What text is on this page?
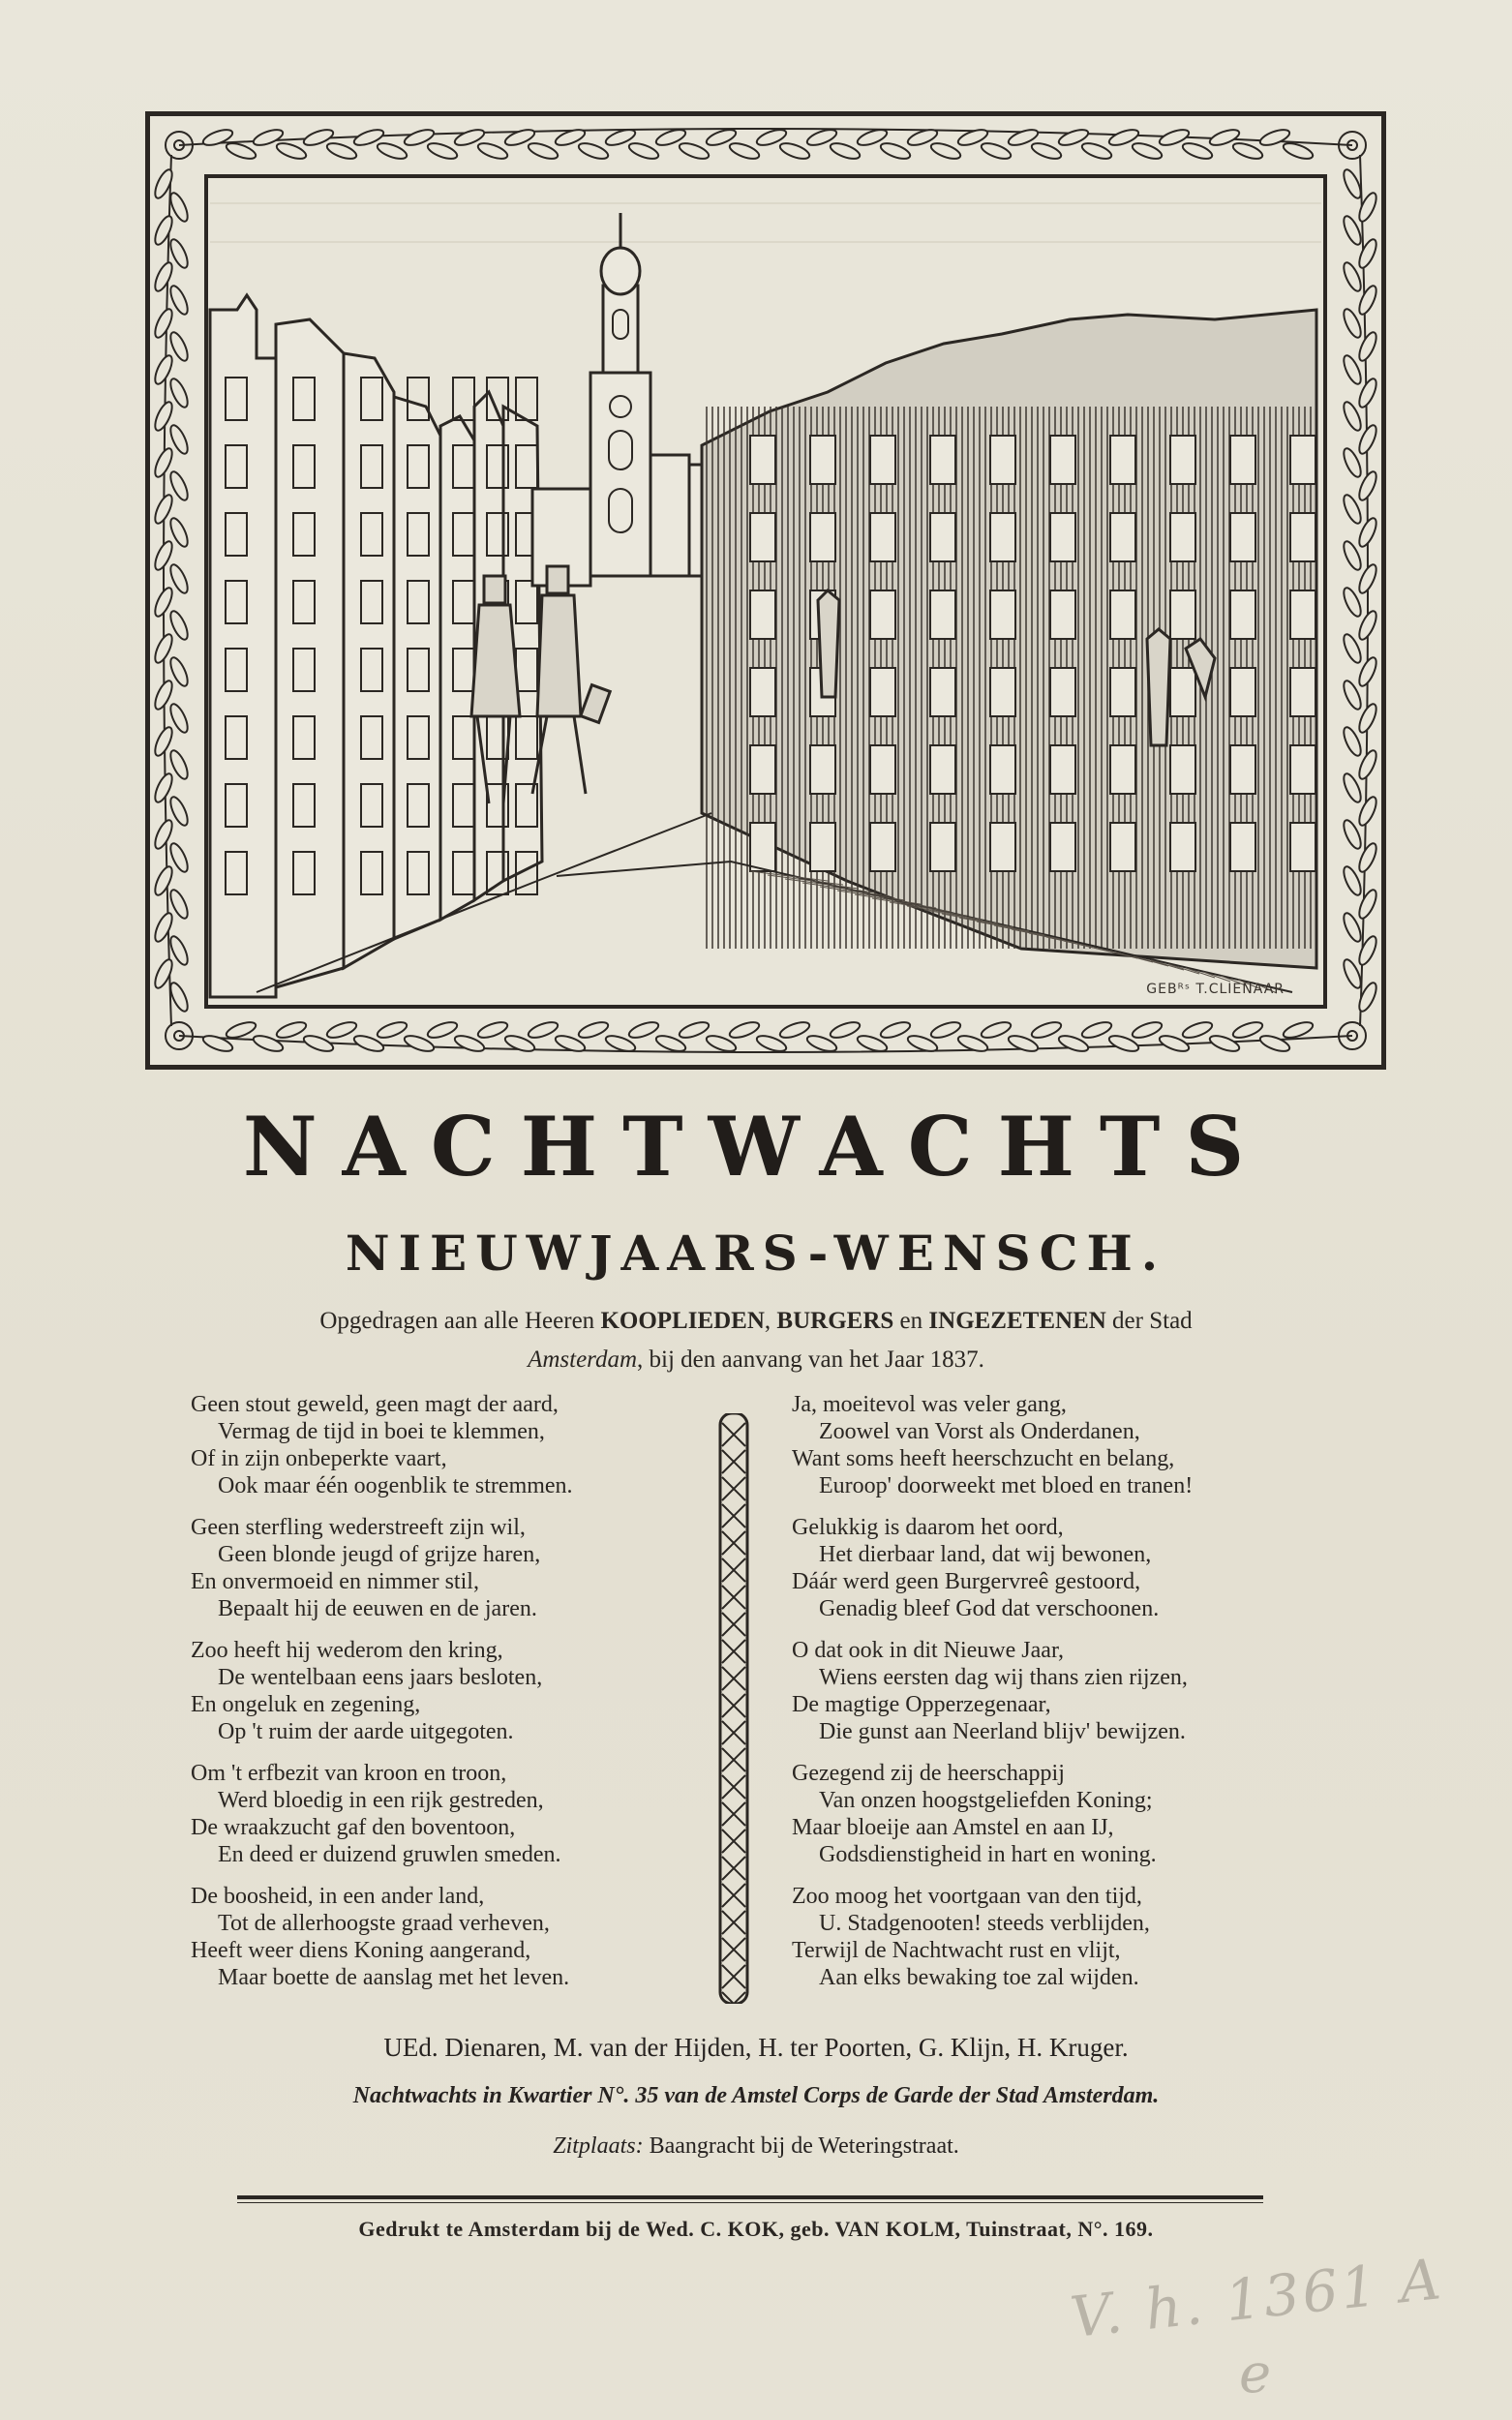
GEBᴿˢ T.CLIENAAR
NACHTWACHTS
NIEUWJAARS-WENSCH.
Opgedragen aan alle Heeren KOOPLIEDEN, BURGERS en INGEZETENEN der Stad
Amsterdam, bij den aanvang van het Jaar 1837.
Geen stout geweld, geen magt der aard,
Vermag de tijd in boei te klemmen,
Of in zijn onbeperkte vaart,
Ook maar één oogenblik te stremmen.
Geen sterfling wederstreeft zijn wil,
Geen blonde jeugd of grijze haren,
En onvermoeid en nimmer stil,
Bepaalt hij de eeuwen en de jaren.
Zoo heeft hij wederom den kring,
De wentelbaan eens jaars besloten,
En ongeluk en zegening,
Op 't ruim der aarde uitgegoten.
Om 't erfbezit van kroon en troon,
Werd bloedig in een rijk gestreden,
De wraakzucht gaf den boventoon,
En deed er duizend gruwlen smeden.
De boosheid, in een ander land,
Tot de allerhoogste graad verheven,
Heeft weer diens Koning aangerand,
Maar boette de aanslag met het leven.
Ja, moeitevol was veler gang,
Zoowel van Vorst als Onderdanen,
Want soms heeft heerschzucht en belang,
Euroop' doorweekt met bloed en tranen!
Gelukkig is daarom het oord,
Het dierbaar land, dat wij bewonen,
Dáár werd geen Burgervreê gestoord,
Genadig bleef God dat verschoonen.
O dat ook in dit Nieuwe Jaar,
Wiens eersten dag wij thans zien rijzen,
De magtige Opperzegenaar,
Die gunst aan Neerland blijv' bewijzen.
Gezegend zij de heerschappij
Van onzen hoogstgeliefden Koning;
Maar bloeije aan Amstel en aan IJ,
Godsdienstigheid in hart en woning.
Zoo moog het voortgaan van den tijd,
U. Stadgenooten! steeds verblijden,
Terwijl de Nachtwacht rust en vlijt,
Aan elks bewaking toe zal wijden.
UEd. Dienaren, M. van der Hijden, H. ter Poorten, G. Klijn, H. Kruger.
Nachtwachts in Kwartier N°. 35 van de Amstel Corps de Garde der Stad Amsterdam.
Zitplaats: Baangracht bij de Weteringstraat.
Gedrukt te Amsterdam bij de Wed. C. KOK, geb. VAN KOLM, Tuinstraat, N°. 169.
V. h. 1361 A
e
